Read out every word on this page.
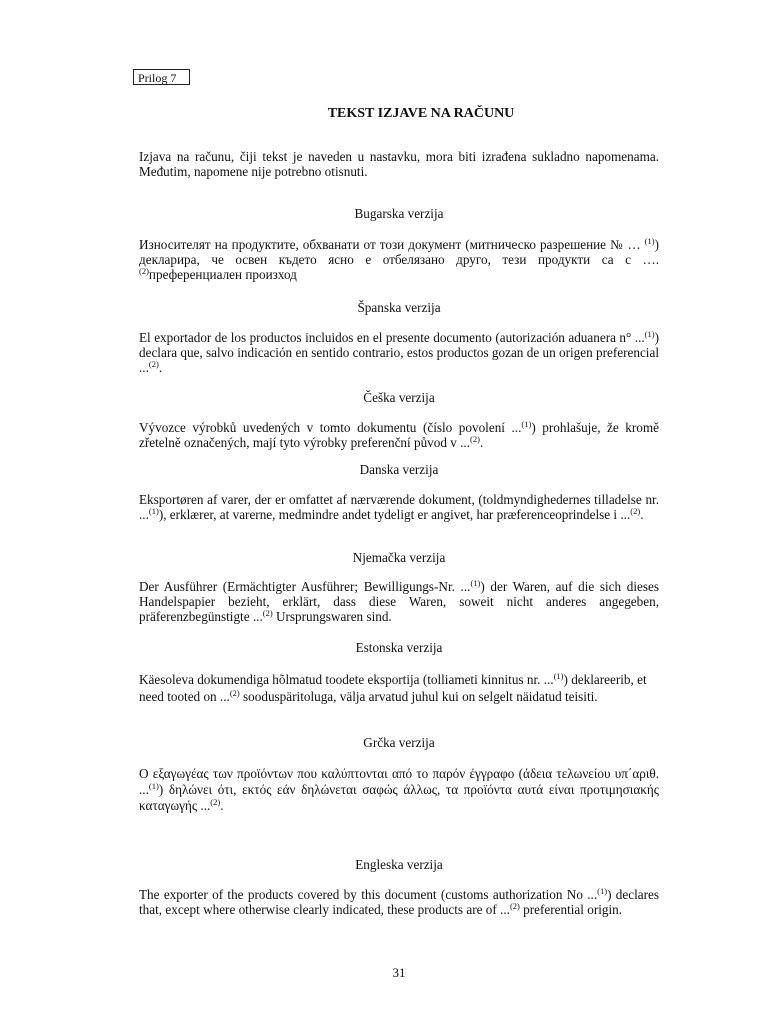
Prilog 7
TEKST IZJAVE NA RAČUNU
Izjava na računu, čiji tekst je naveden u nastavku, mora biti izrađena sukladno napomenama. Međutim, napomene nije potrebno otisnuti.
Bugarska verzija
Износителят на продуктите, обхванати от този документ (митническо разрешение № … $^{(1)}$) декларира, че освен където ясно е отбелязано друго, тези продукти са с ….$^{(2)}$преференциален произход
Španska verzija
El exportador de los productos incluidos en el presente documento (autorización aduanera n° ...$^{(1)}$) declara que, salvo indicación en sentido contrario, estos productos gozan de un origen preferencial ...$^{(2)}$.
Češka verzija
Vývozce výrobků uvedených v tomto dokumentu (číslo povolení ...$^{(1)}$) prohlašuje, že kromě zřetelně označených, mají tyto výrobky preferenční původ v ...$^{(2)}$.
Danska verzija
Eksportøren af varer, der er omfattet af nærværende dokument, (toldmyndighedernes tilladelse nr. ...$^{(1)}$), erklærer, at varerne, medmindre andet tydeligt er angivet, har præferenceoprindelse i ...$^{(2)}$.
Njemačka verzija
Der Ausführer (Ermächtigter Ausführer; Bewilligungs-Nr. ...$^{(1)}$) der Waren, auf die sich dieses Handelspapier bezieht, erklärt, dass diese Waren, soweit nicht anderes angegeben, präferenzbegünstigte ...$^{(2)}$ Ursprungswaren sind.
Estonska verzija
Käesoleva dokumendiga hõlmatud toodete eksportija (tolliameti kinnitus nr. ...$^{(1)}$) deklareerib, et need tooted on ...$^{(2)}$ sooduspäritoluga, välja arvatud juhul kui on selgelt näidatud teisiti.
Grčka verzija
Ο εξαγωγέας των προϊόντων που καλύπτονται από το παρόν έγγραφο (άδεια τελωνείου υπ΄αριθ. ...$^{(1)}$) δηλώνει ότι, εκτός εάν δηλώνεται σαφώς άλλως, τα προϊόντα αυτά είναι προτιμησιακής καταγωγής ...$^{(2)}$.
Engleska verzija
The exporter of the products covered by this document (customs authorization No ...$^{(1)}$) declares that, except where otherwise clearly indicated, these products are of ...$^{(2)}$ preferential origin.
31
